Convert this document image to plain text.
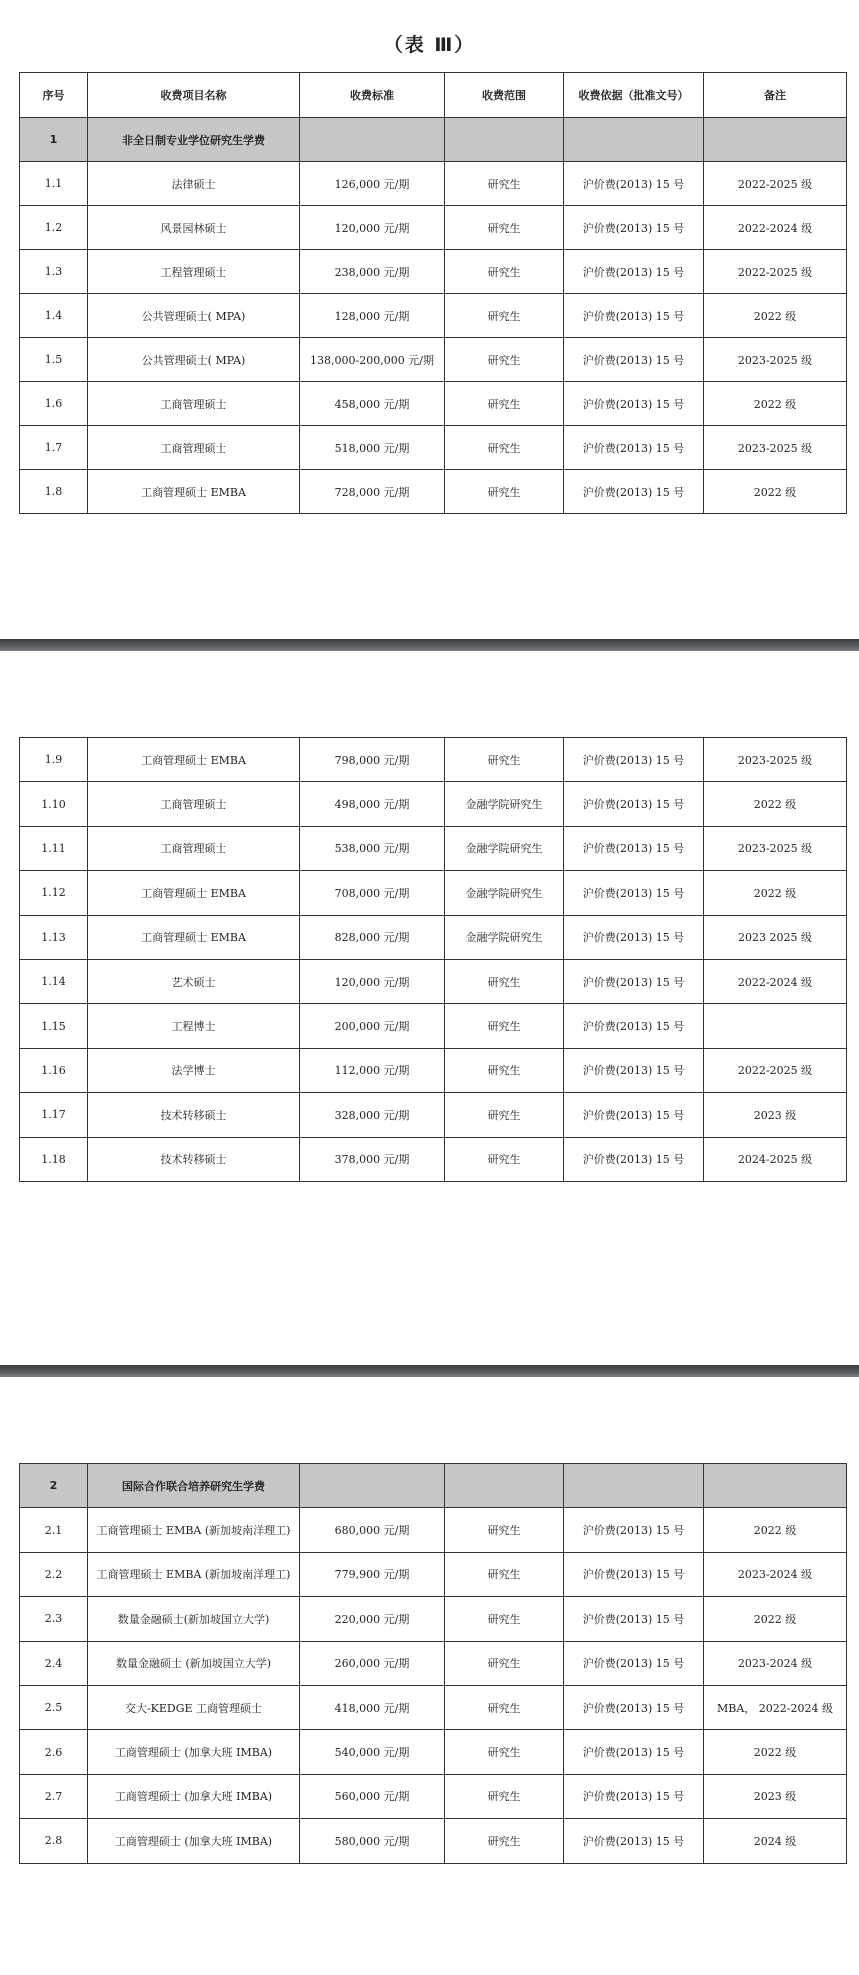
（表 Ⅲ）
序号	收费项目名称	收费标准	收费范围	收费依据（批准文号）	备注
1	非全日制专业学位研究生学费				
1.1	法律硕士	126,000 元/期	研究生	沪价费(2013) 15 号	2022-2025 级
1.2	风景园林硕士	120,000 元/期	研究生	沪价费(2013) 15 号	2022-2024 级
1.3	工程管理硕士	238,000 元/期	研究生	沪价费(2013) 15 号	2022-2025 级
1.4	公共管理硕士( MPA)	128,000 元/期	研究生	沪价费(2013) 15 号	2022 级
1.5	公共管理硕士( MPA)	138,000-200,000 元/期	研究生	沪价费(2013) 15 号	2023-2025 级
1.6	工商管理硕士	458,000 元/期	研究生	沪价费(2013) 15 号	2022 级
1.7	工商管理硕士	518,000 元/期	研究生	沪价费(2013) 15 号	2023-2025 级
1.8	工商管理硕士 EMBA	728,000 元/期	研究生	沪价费(2013) 15 号	2022 级
1.9	工商管理硕士 EMBA	798,000 元/期	研究生	沪价费(2013) 15 号	2023-2025 级
1.10	工商管理硕士	498,000 元/期	金融学院研究生	沪价费(2013) 15 号	2022 级
1.11	工商管理硕士	538,000 元/期	金融学院研究生	沪价费(2013) 15 号	2023-2025 级
1.12	工商管理硕士 EMBA	708,000 元/期	金融学院研究生	沪价费(2013) 15 号	2022 级
1.13	工商管理硕士 EMBA	828,000 元/期	金融学院研究生	沪价费(2013) 15 号	2023 2025 级
1.14	艺术硕士	120,000 元/期	研究生	沪价费(2013) 15 号	2022-2024 级
1.15	工程博士	200,000 元/期	研究生	沪价费(2013) 15 号	
1.16	法学博士	112,000 元/期	研究生	沪价费(2013) 15 号	2022-2025 级
1.17	技术转移硕士	328,000 元/期	研究生	沪价费(2013) 15 号	2023 级
1.18	技术转移硕士	378,000 元/期	研究生	沪价费(2013) 15 号	2024-2025 级
2	国际合作联合培养研究生学费				
2.1	工商管理硕士 EMBA (新加坡南洋理工)	680,000 元/期	研究生	沪价费(2013) 15 号	2022 级
2.2	工商管理硕士 EMBA (新加坡南洋理工)	779,900 元/期	研究生	沪价费(2013) 15 号	2023-2024 级
2.3	数量金融硕士(新加坡国立大学)	220,000 元/期	研究生	沪价费(2013) 15 号	2022 级
2.4	数量金融硕士 (新加坡国立大学)	260,000 元/期	研究生	沪价费(2013) 15 号	2023-2024 级
2.5	交大-KEDGE 工商管理硕士	418,000 元/期	研究生	沪价费(2013) 15 号	MBA， 2022-2024 级
2.6	工商管理硕士 (加拿大班 IMBA)	540,000 元/期	研究生	沪价费(2013) 15 号	2022 级
2.7	工商管理硕士 (加拿大班 IMBA)	560,000 元/期	研究生	沪价费(2013) 15 号	2023 级
2.8	工商管理硕士 (加拿大班 IMBA)	580,000 元/期	研究生	沪价费(2013) 15 号	2024 级
